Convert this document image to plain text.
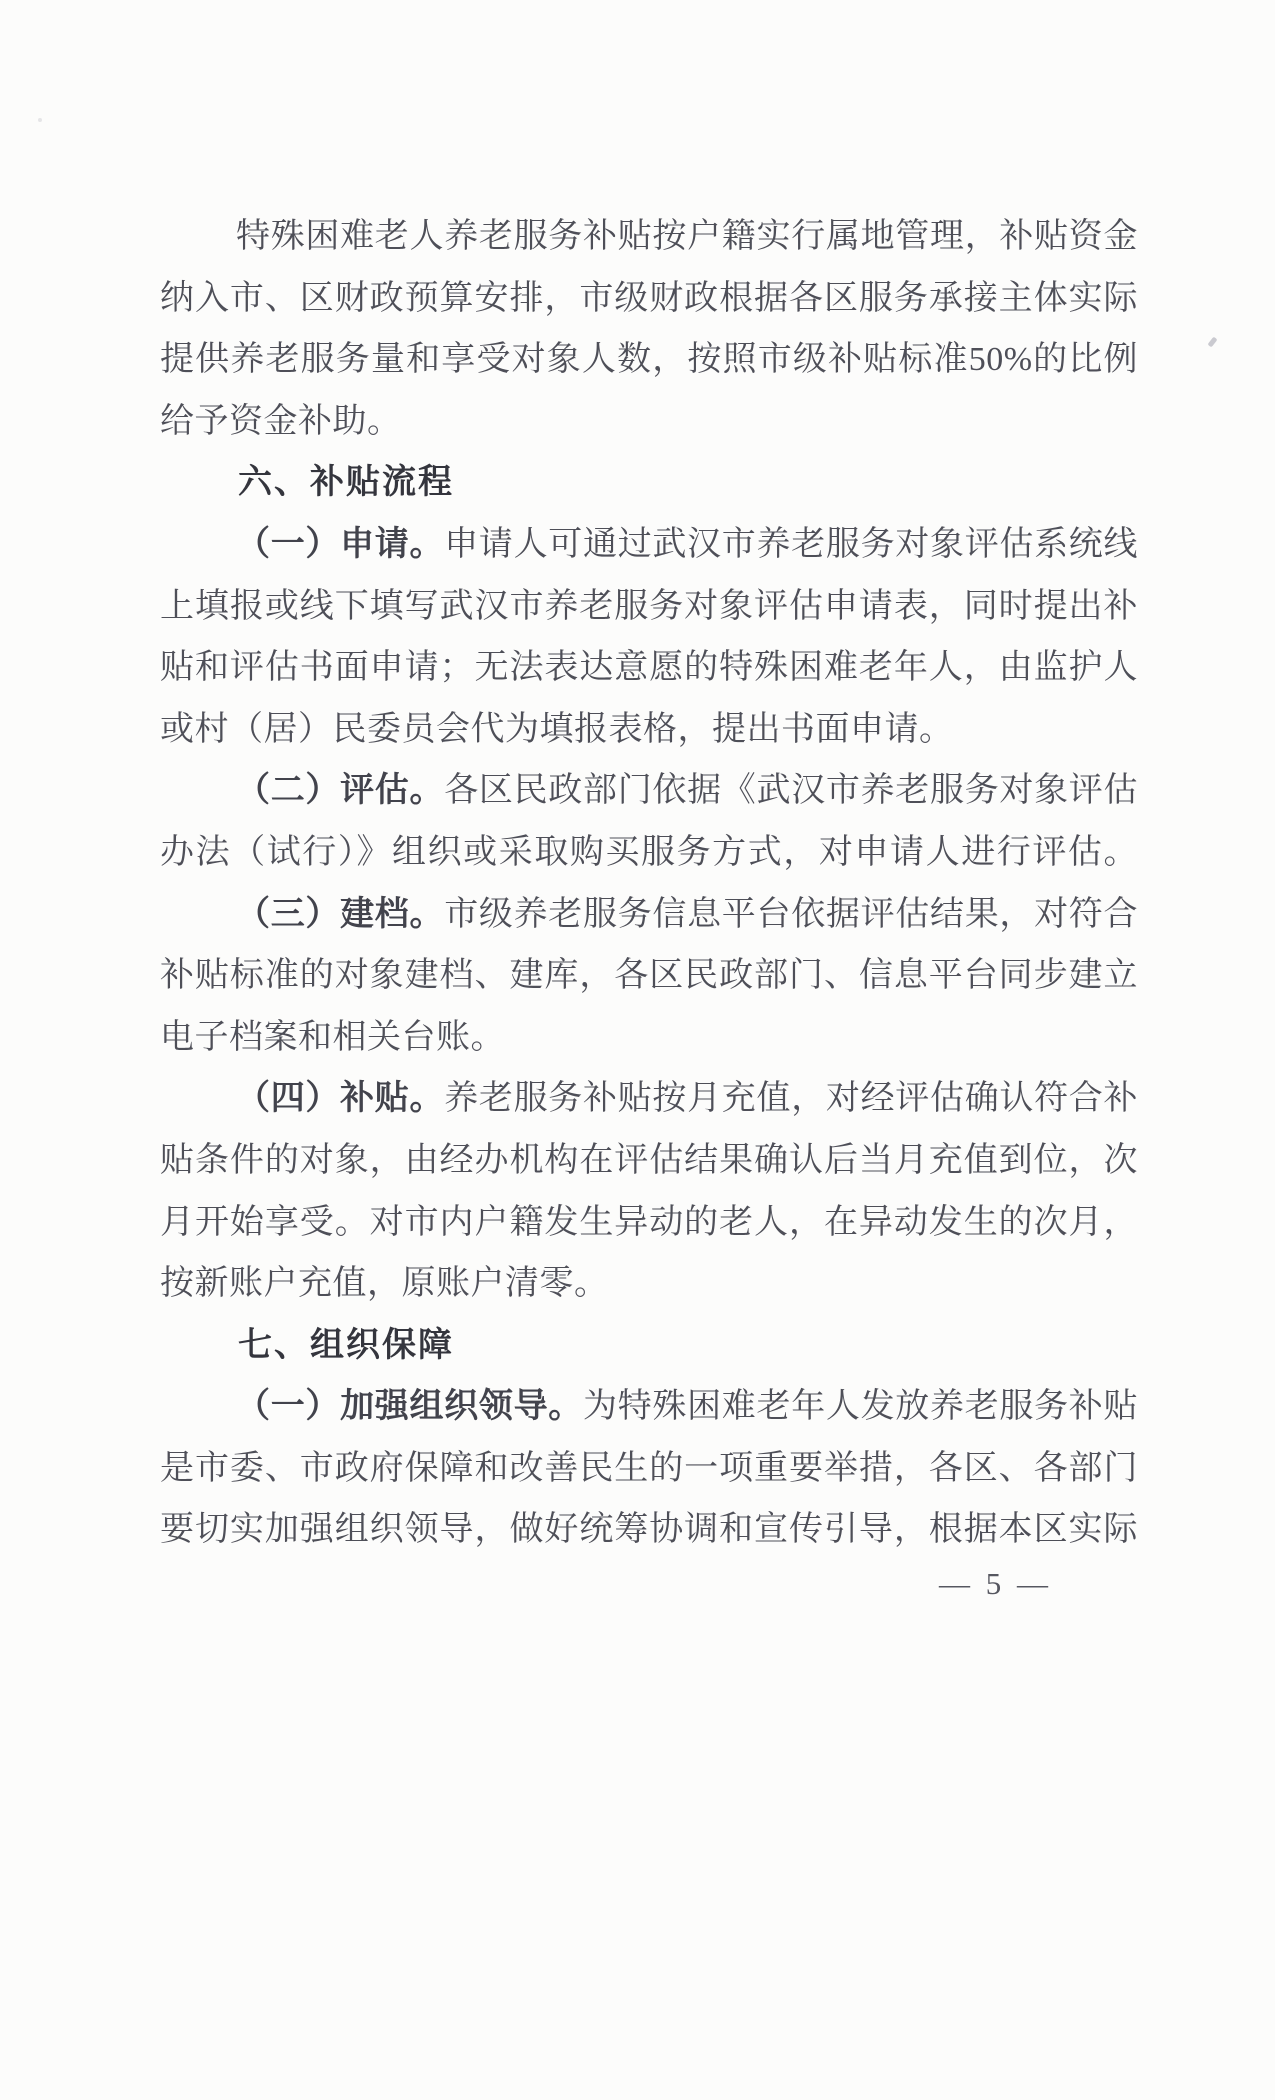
特殊困难老人养老服务补贴按户籍实行属地管理，补贴资金
纳入市、区财政预算安排，市级财政根据各区服务承接主体实际
提供养老服务量和享受对象人数，按照市级补贴标准50%的比例
给予资金补助。
六、补贴流程
（一）申请。申请人可通过武汉市养老服务对象评估系统线
上填报或线下填写武汉市养老服务对象评估申请表，同时提出补
贴和评估书面申请；无法表达意愿的特殊困难老年人，由监护人
或村（居）民委员会代为填报表格，提出书面申请。
（二）评估。各区民政部门依据《武汉市养老服务对象评估
办法（试行）》组织或采取购买服务方式，对申请人进行评估。
（三）建档。市级养老服务信息平台依据评估结果，对符合
补贴标准的对象建档、建库，各区民政部门、信息平台同步建立
电子档案和相关台账。
（四）补贴。养老服务补贴按月充值，对经评估确认符合补
贴条件的对象，由经办机构在评估结果确认后当月充值到位，次
月开始享受。对市内户籍发生异动的老人，在异动发生的次月，
按新账户充值，原账户清零。
七、组织保障
（一）加强组织领导。为特殊困难老年人发放养老服务补贴
是市委、市政府保障和改善民生的一项重要举措，各区、各部门
要切实加强组织领导，做好统筹协调和宣传引导，根据本区实际
— 5 —
